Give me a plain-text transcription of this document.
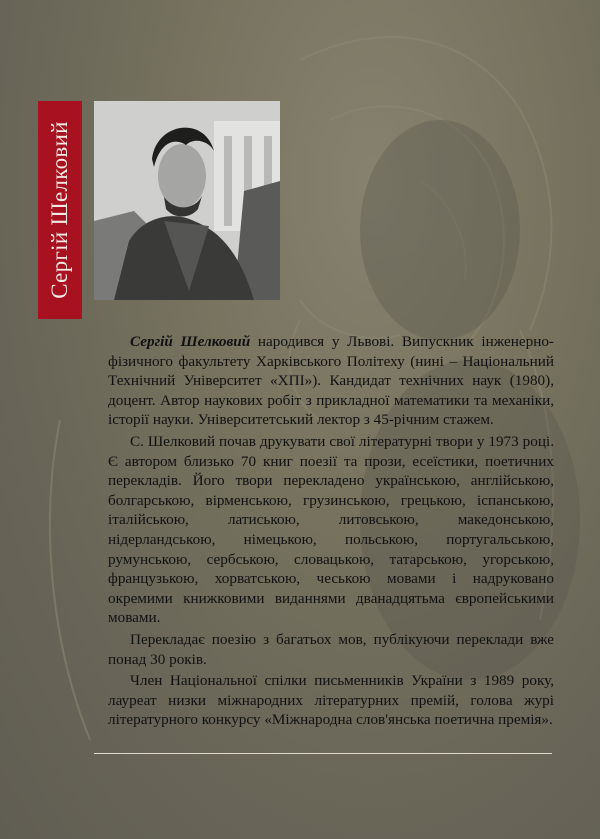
Сергій Шелковий

Сергій Шелковий народився у Львові. Випускник інженерно-фізичного факультету Харківського Політеху (нині – Національний Технічний Університет «ХПІ»). Кандидат технічних наук (1980), доцент. Автор наукових робіт з прикладної математики та механіки, історії науки. Університетський лектор з 45-річним стажем.

С. Шелковий почав друкувати свої літературні твори у 1973 році. Є автором близько 70 книг поезії та прози, есеїстики, поетичних перекладів. Його твори перекладено українською, англійською, болгарською, вірменською, грузинською, грецькою, іспанською, італійською, латиською, литовською, македонською, нідерландською, німецькою, польською, португальською, румунською, сербською, словацькою, татарською, угорською, французькою, хорватською, чеською мовами і надруковано окремими книжковими виданнями дванадцятьма європейськими мовами.

Перекладає поезію з багатьох мов, публікуючи переклади вже понад 30 років.

Член Національної спілки письменників України з 1989 року, лауреат низки міжнародних літературних премій, голова журі літературного конкурсу «Міжнародна слов'янська поетична премія».
